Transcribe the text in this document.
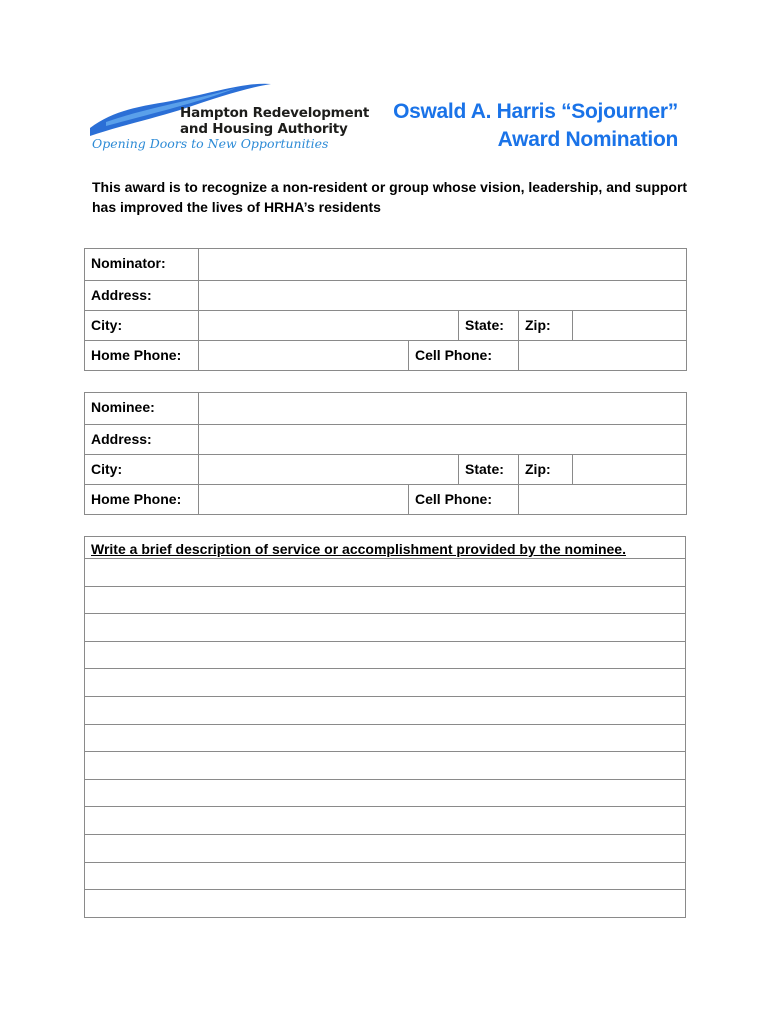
Hampton Redevelopment
and Housing Authority
Opening Doors to New Opportunities
Oswald A. Harris “Sojourner”
Award Nomination
This award is to recognize a non-resident or group whose vision, leadership, and support has improved the lives of HRHA’s residents
Nominator:					
Address:					
City:			State:	Zip:	
Home Phone:		Cell Phone:			
Nominee:					
Address:					
City:			State:	Zip:	
Home Phone:		Cell Phone:			
Write a brief description of service or accomplishment provided by the nominee.
